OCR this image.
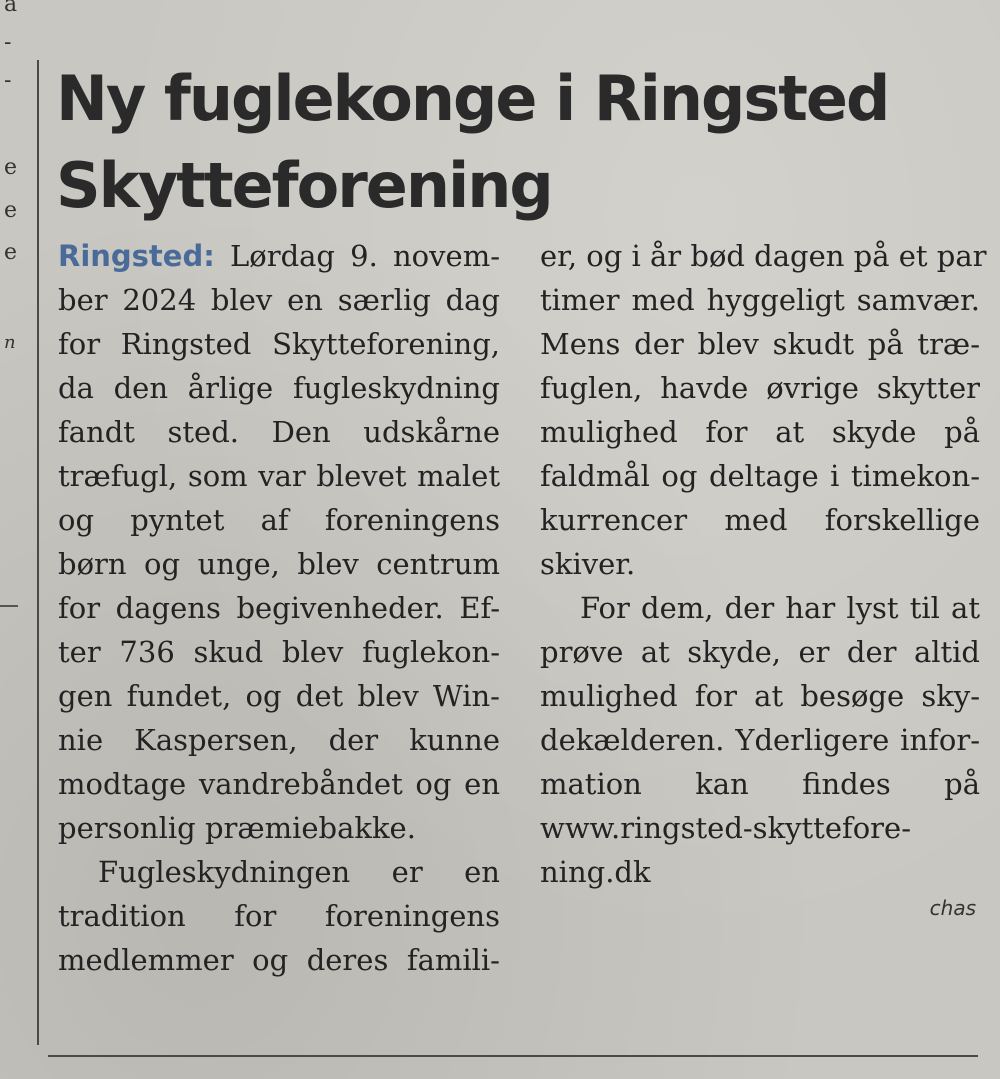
a
-
-
e
e
e
n
Ny fuglekonge i Ringsted
Skytteforening
Ringsted: Lørdag 9. novem-
ber 2024 blev en særlig dag
for Ringsted Skytteforening,
da den årlige fugleskydning
fandt sted. Den udskårne
træfugl, som var blevet malet
og pyntet af foreningens
børn og unge, blev centrum
for dagens begivenheder. Ef-
ter 736 skud blev fuglekon-
gen fundet, og det blev Win-
nie Kaspersen, der kunne
modtage vandrebåndet og en
personlig præmiebakke.
Fugleskydningen er en
tradition for foreningens
medlemmer og deres famili-
er, og i år bød dagen på et par
timer med hyggeligt samvær.
Mens der blev skudt på træ-
fuglen, havde øvrige skytter
mulighed for at skyde på
faldmål og deltage i timekon-
kurrencer med forskellige
skiver.
For dem, der har lyst til at
prøve at skyde, er der altid
mulighed for at besøge sky-
dekælderen. Yderligere infor-
mation kan findes på
www.ringsted-skyttefore-
ning.dk
chas
